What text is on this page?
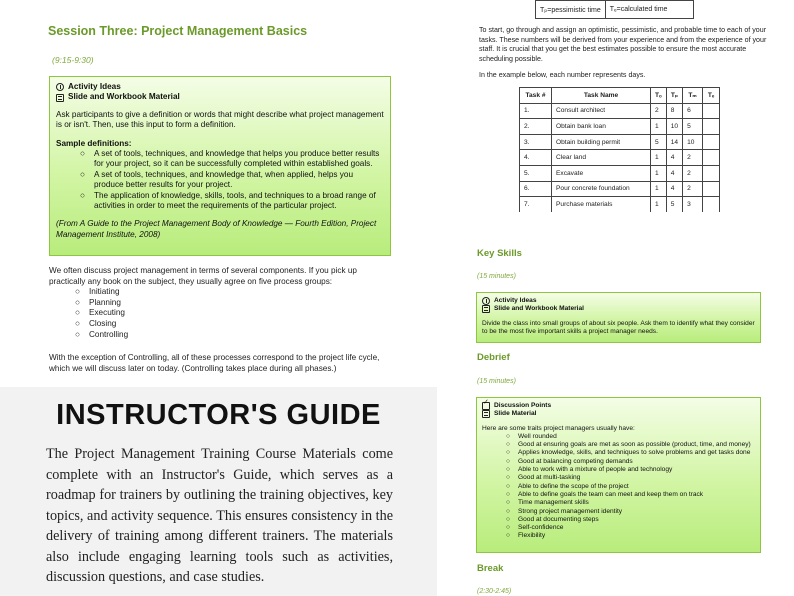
Session Three: Project Management Basics
(9:15-9:30)
Activity Ideas
Slide and Workbook Material

Ask participants to give a definition or words that might describe what project management is or isn't. Then, use this input to form a definition.

Sample definitions:
○ A set of tools, techniques, and knowledge that helps you produce better results for your project, so it can be successfully completed within established goals.
○ A set of tools, techniques, and knowledge that, when applied, helps you produce better results for your project.
○ The application of knowledge, skills, tools, and techniques to a broad range of activities in order to meet the requirements of the particular project.
(From A Guide to the Project Management Body of Knowledge — Fourth Edition, Project Management Institute, 2008)
We often discuss project management in terms of several components. If you pick up practically any book on the subject, they usually agree on five process groups:
○ Initiating
○ Planning
○ Executing
○ Closing
○ Controlling
With the exception of Controlling, all of these processes correspond to the project life cycle, which we will discuss later on today. (Controlling takes place during all phases.)
INSTRUCTOR'S GUIDE
The Project Management Training Course Materials come complete with an Instructor's Guide, which serves as a roadmap for trainers by outlining the training objectives, key topics, and activity sequence. This ensures consistency in the delivery of training among different trainers. The materials also include engaging learning tools such as activities, discussion questions, and case studies.
Tₚ=pessimistic time	Tₑ=calculated time
To start, go through and assign an optimistic, pessimistic, and probable time to each of your tasks. These numbers will be derived from your experience and from the experience of your staff. It is crucial that you get the best estimates possible to ensure the most accurate scheduling possible.
In the example below, each number represents days.
Task #	Task Name	Tₒ	Tₚ	Tₘ	Tₑ
1.	Consult architect	2	8	6	
2.	Obtain bank loan	1	10	5	
3.	Obtain building permit	5	14	10	
4.	Clear land	1	4	2	
5.	Excavate	1	4	2	
6.	Pour concrete foundation	1	4	2	
7.	Purchase materials	1	5	3	
Key Skills
(15 minutes)
Activity Ideas
Slide and Workbook Material

Divide the class into small groups of about six people. Ask them to identify what they consider to be the most five important skills a project manager needs.

Debrief
(15 minutes)
✓
Discussion Points
Slide Material

Here are some traits project managers usually have:

○ Well rounded
○ Good at ensuring goals are met as soon as possible (product, time, and money)
○ Applies knowledge, skills, and techniques to solve problems and get tasks done
○ Good at balancing competing demands
○ Able to work with a mixture of people and technology
○ Good at multi-tasking
○ Able to define the scope of the project
○ Able to define goals the team can meet and keep them on track
○ Time management skills
○ Strong project management identity
○ Good at documenting steps
○ Self-confidence
○ Flexibility
Break
(2:30-2:45)
